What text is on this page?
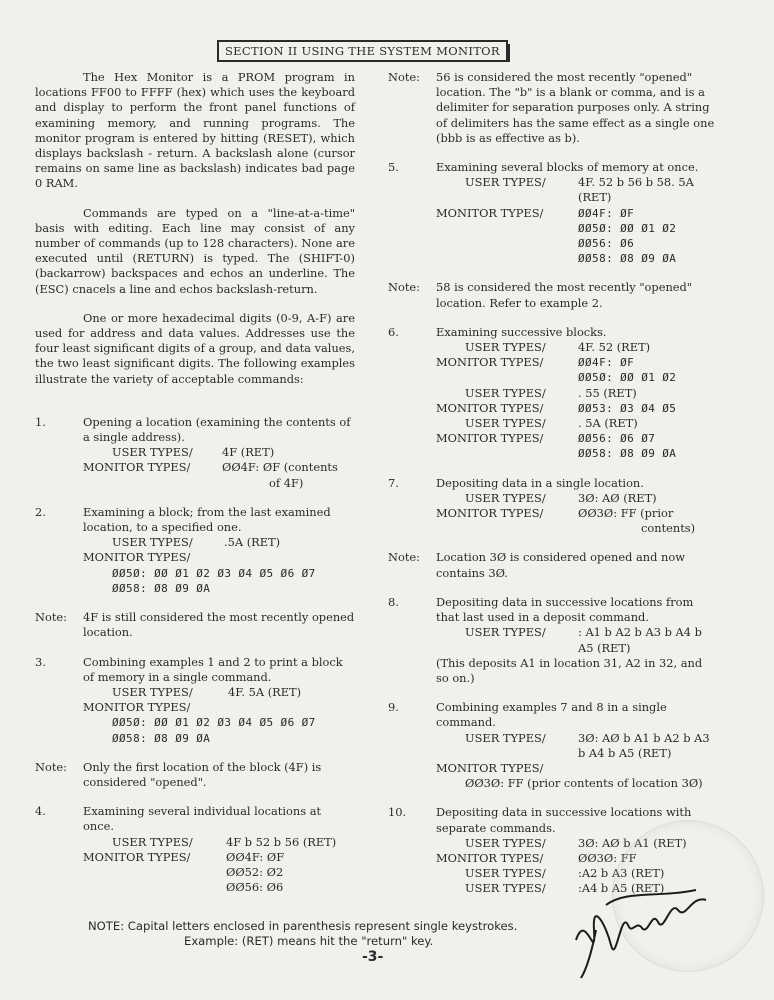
SECTION II USING THE SYSTEM MONITOR

The Hex Monitor is a PROM program in locations FF00 to FFFF (hex) which uses the keyboard and display to perform the front panel functions of examining memory, and running programs. The monitor program is entered by hitting (RESET), which displays backslash - return. A backslash alone (cursor remains on same line as backslash) indicates bad page 0 RAM.

Commands are typed on a "line-at-a-time" basis with editing. Each line may consist of any number of commands (up to 128 characters). None are executed until (RETURN) is typed. The (SHIFT-0) (backarrow) backspaces and echos an underline. The (ESC) cnacels a line and echos backslash-return.

One or more hexadecimal digits (0-9, A-F) are used for address and data values. Addresses use the four least significant digits of a group, and data values, the two least significant digits. The following examples illustrate the variety of acceptable commands:

1.	Opening a location (examining the contents of a single address).

USER TYPES/	4F (RET)
MONITOR TYPES/	ØØ4F: ØF (contents
of 4F)
2.	Examining a block; from the last examined location, to a specified one.

USER TYPES/	.5A (RET)
MONITOR TYPES/
ØØ5Ø: ØØ Ø1 Ø2 Ø3 Ø4 Ø5 Ø6 Ø7
ØØ58: Ø8 Ø9 ØA
Note:	4F is still considered the most recently opened location.

3.	Combining examples 1 and 2 to print a block of memory in a single command.

USER TYPES/	4F. 5A (RET)
MONITOR TYPES/
ØØ5Ø: ØØ Ø1 Ø2 Ø3 Ø4 Ø5 Ø6 Ø7
ØØ58: Ø8 Ø9 ØA
Note:	Only the first location of the block (4F) is considered "opened".

4.	Examining several individual locations at once.

USER TYPES/	4F b 52 b 56 (RET)
MONITOR TYPES/	ØØ4F: ØF
ØØ52: Ø2
ØØ56: Ø6
Note:	56 is considered the most recently "opened" location. The "b" is a blank or comma, and is a delimiter for separation purposes only. A string of delimiters has the same effect as a single one (bbb is as effective as b).

5.	Examining several blocks of memory at once.

USER TYPES/	4F. 52 b 56 b 58. 5A (RET)
MONITOR TYPES/	ØØ4F: ØF
ØØ5Ø: ØØ Ø1 Ø2
ØØ56: Ø6
ØØ58: Ø8 Ø9 ØA
Note:	58 is considered the most recently "opened" location. Refer to example 2.

6.	Examining successive blocks.

USER TYPES/	4F. 52 (RET)
MONITOR TYPES/	ØØ4F: ØF
ØØ5Ø: ØØ Ø1 Ø2
USER TYPES/	. 55 (RET)
MONITOR TYPES/	ØØ53: Ø3 Ø4 Ø5
USER TYPES/	. 5A (RET)
MONITOR TYPES/	ØØ56: Ø6 Ø7
ØØ58: Ø8 Ø9 ØA
7.	Depositing data in a single location.

USER TYPES/	3Ø: AØ (RET)
MONITOR TYPES/	ØØ3Ø: FF (prior
contents)
Note:	Location 3Ø is considered opened and now contains 3Ø.

8.	Depositing data in successive locations from that last used in a deposit command.

USER TYPES/	: A1 b A2 b A3 b A4 b A5 (RET)

(This deposits A1 in location 31, A2 in 32, and so on.)

9.	Combining examples 7 and 8 in a single command.

USER TYPES/	3Ø: AØ b A1 b A2 b A3 b A4 b A5 (RET)
MONITOR TYPES/
ØØ3Ø: FF (prior contents of location 3Ø)
10.	Depositing data in successive locations with separate commands.

USER TYPES/	3Ø: AØ b A1 (RET)
MONITOR TYPES/	ØØ3Ø: FF
USER TYPES/	:A2 b A3 (RET)
USER TYPES/	:A4 b A5 (RET)
NOTE: Capital letters enclosed in parenthesis represent single keystrokes.
Example: (RET) means hit the "return" key.
-3-
